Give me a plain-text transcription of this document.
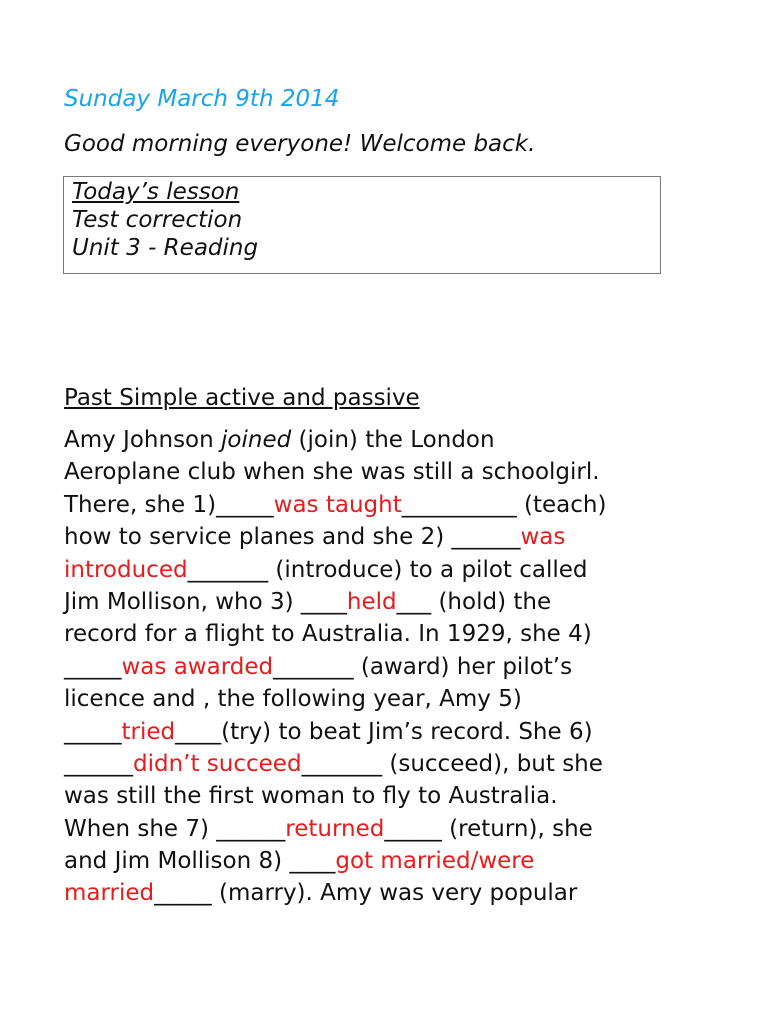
Sunday March 9th 2014
Good morning everyone! Welcome back.
Today’s lesson
Test correction
Unit 3 - Reading
Past Simple active and passive
Amy Johnson joined (join) the London
Aeroplane club when she was still a schoolgirl.
There, she 1)_____was taught__________ (teach)
how to service planes and she 2) ______was
introduced_______ (introduce) to a pilot called
Jim Mollison, who 3) ____held___ (hold) the
record for a flight to Australia. In 1929, she 4)
_____was awarded_______ (award) her pilot’s
licence and , the following year, Amy 5)
_____tried____(try) to beat Jim’s record. She 6)
______didn’t succeed_______ (succeed), but she
was still the first woman to fly to Australia.
When she 7) ______returned_____ (return), she
and Jim Mollison 8) ____got married/were
married_____ (marry). Amy was very popular
